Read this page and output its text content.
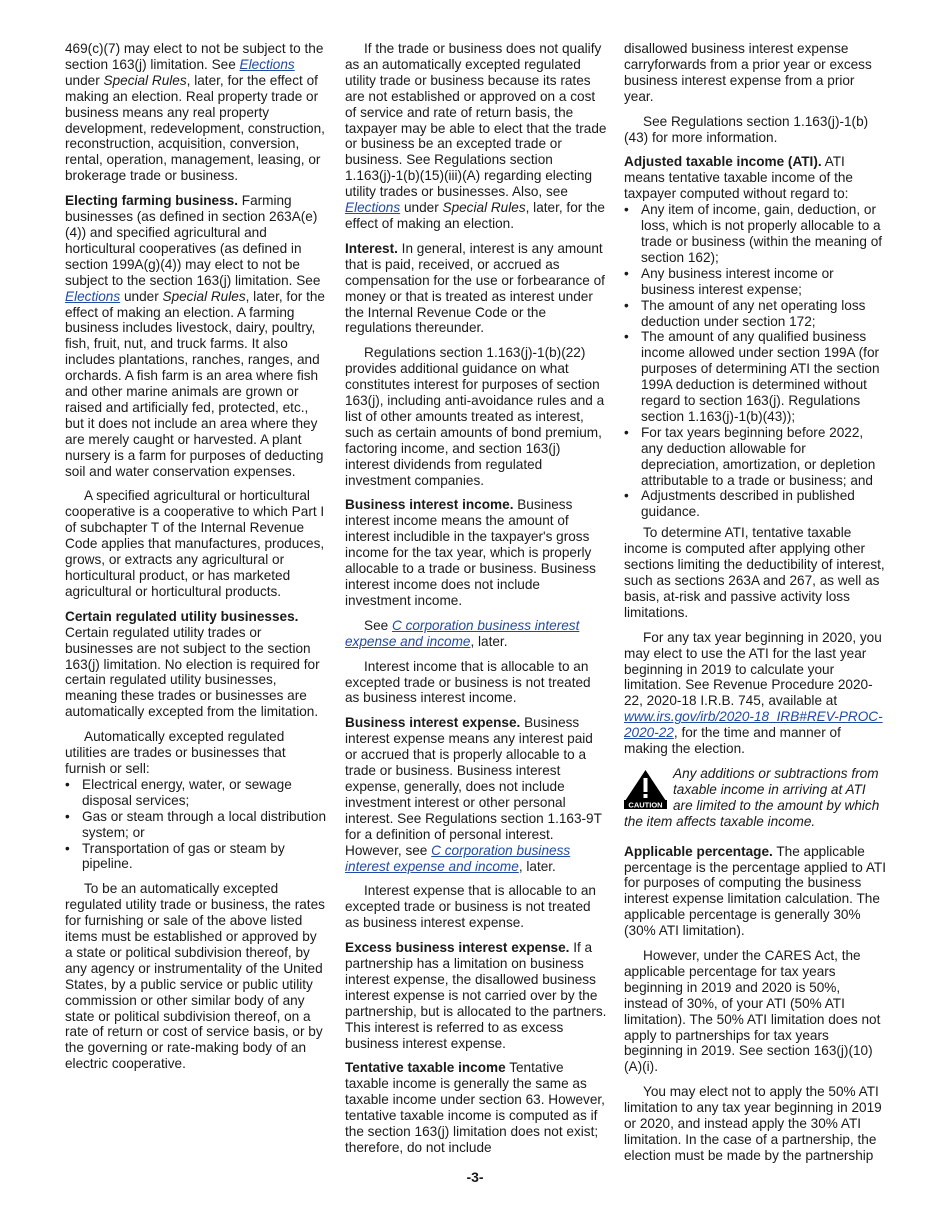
469(c)(7) may elect to not be subject to the section 163(j) limitation. See Elections under Special Rules, later, for the effect of making an election. Real property trade or business means any real property development, redevelopment, construction, reconstruction, acquisition, conversion, rental, operation, management, leasing, or brokerage trade or business.

Electing farming business. Farming businesses (as defined in section 263A(e)(4)) and specified agricultural and horticultural cooperatives (as defined in section 199A(g)(4)) may elect to not be subject to the section 163(j) limitation. See Elections under Special Rules, later, for the effect of making an election. A farming business includes livestock, dairy, poultry, fish, fruit, nut, and truck farms. It also includes plantations, ranches, ranges, and orchards. A fish farm is an area where fish and other marine animals are grown or raised and artificially fed, protected, etc., but it does not include an area where they are merely caught or harvested. A plant nursery is a farm for purposes of deducting soil and water conservation expenses.

A specified agricultural or horticultural cooperative is a cooperative to which Part I of subchapter T of the Internal Revenue Code applies that manufactures, produces, grows, or extracts any agricultural or horticultural product, or has marketed agricultural or horticultural products.

Certain regulated utility businesses.
Certain regulated utility trades or businesses are not subject to the section 163(j) limitation. No election is required for certain regulated utility businesses, meaning these trades or businesses are automatically excepted from the limitation.

Automatically excepted regulated utilities are trades or businesses that furnish or sell:

• Electrical energy, water, or sewage disposal services;

• Gas or steam through a local distribution system; or

• Transportation of gas or steam by pipeline.

To be an automatically excepted regulated utility trade or business, the rates for furnishing or sale of the above listed items must be established or approved by a state or political subdivision thereof, by any agency or instrumentality of the United States, by a public service or public utility commission or other similar body of any state or political subdivision thereof, on a rate of return or cost of service basis, or by the governing or rate-making body of an electric cooperative.

If the trade or business does not qualify as an automatically excepted regulated utility trade or business because its rates are not established or approved on a cost of service and rate of return basis, the taxpayer may be able to elect that the trade or business be an excepted trade or business. See Regulations section 1.163(j)-1(b)(15)(iii)(A) regarding electing utility trades or businesses. Also, see Elections under Special Rules, later, for the effect of making an election.

Interest. In general, interest is any amount that is paid, received, or accrued as compensation for the use or forbearance of money or that is treated as interest under the Internal Revenue Code or the regulations thereunder.

Regulations section 1.163(j)-1(b)(22) provides additional guidance on what constitutes interest for purposes of section 163(j), including anti-avoidance rules and a list of other amounts treated as interest, such as certain amounts of bond premium, factoring income, and section 163(j) interest dividends from regulated investment companies.

Business interest income. Business interest income means the amount of interest includible in the taxpayer's gross income for the tax year, which is properly allocable to a trade or business. Business interest income does not include investment income.

See C corporation business interest expense and income, later.

Interest income that is allocable to an excepted trade or business is not treated as business interest income.

Business interest expense. Business interest expense means any interest paid or accrued that is properly allocable to a trade or business. Business interest expense, generally, does not include investment interest or other personal interest. See Regulations section 1.163-9T for a definition of personal interest. However, see C corporation business interest expense and income, later.

Interest expense that is allocable to an excepted trade or business is not treated as business interest expense.

Excess business interest expense. If a partnership has a limitation on business interest expense, the disallowed business interest expense is not carried over by the partnership, but is allocated to the partners. This interest is referred to as excess business interest expense.

Tentative taxable income Tentative taxable income is generally the same as taxable income under section 63. However, tentative taxable income is computed as if the section 163(j) limitation does not exist; therefore, do not include

disallowed business interest expense carryforwards from a prior year or excess business interest expense from a prior year.

See Regulations section 1.163(j)-1(b)(43) for more information.

Adjusted taxable income (ATI). ATI means tentative taxable income of the taxpayer computed without regard to:

• Any item of income, gain, deduction, or loss, which is not properly allocable to a trade or business (within the meaning of section 162);

• Any business interest income or business interest expense;

• The amount of any net operating loss deduction under section 172;

• The amount of any qualified business income allowed under section 199A (for purposes of determining ATI the section 199A deduction is determined without regard to section 163(j). Regulations section 1.163(j)-1(b)(43));

• For tax years beginning before 2022, any deduction allowable for depreciation, amortization, or depletion attributable to a trade or business; and

• Adjustments described in published guidance.

To determine ATI, tentative taxable income is computed after applying other sections limiting the deductibility of interest, such as sections 263A and 267, as well as basis, at-risk and passive activity loss limitations.

For any tax year beginning in 2020, you may elect to use the ATI for the last year beginning in 2019 to calculate your limitation. See Revenue Procedure 2020-22, 2020-18 I.R.B. 745, available at www.irs.gov/irb/2020-18_IRB#REV-PROC-2020-22, for the time and manner of making the election.

CAUTION
Any additions or subtractions from taxable income in arriving at ATI are limited to the amount by which the item affects taxable income.

Applicable percentage. The applicable percentage is the percentage applied to ATI for purposes of computing the business interest expense limitation calculation. The applicable percentage is generally 30% (30% ATI limitation).

However, under the CARES Act, the applicable percentage for tax years beginning in 2019 and 2020 is 50%, instead of 30%, of your ATI (50% ATI limitation). The 50% ATI limitation does not apply to partnerships for tax years beginning in 2019. See section 163(j)(10)(A)(i).

You may elect not to apply the 50% ATI limitation to any tax year beginning in 2019 or 2020, and instead apply the 30% ATI limitation. In the case of a partnership, the election must be made by the partnership

-3-
